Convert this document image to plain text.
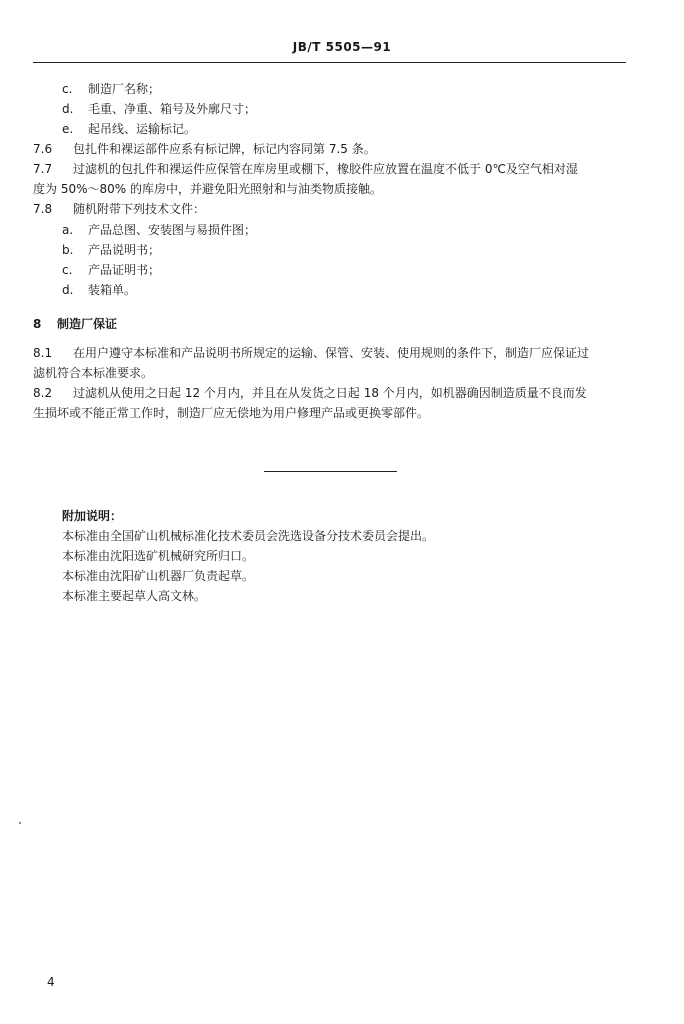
JB/T 5505—91
c. 制造厂名称；
d. 毛重、净重、箱号及外廓尺寸；
e. 起吊线、运输标记。
7.6 包扎件和裸运部件应系有标记牌，标记内容同第 7.5 条。
7.7 过滤机的包扎件和裸运件应保管在库房里或棚下，橡胶件应放置在温度不低于 0℃及空气相对湿
度为 50%～80% 的库房中，并避免阳光照射和与油类物质接触。
7.8 随机附带下列技术文件：
a. 产品总图、安装图与易损件图；
b. 产品说明书；
c. 产品证明书；
d. 装箱单。
8 制造厂保证
8.1 在用户遵守本标准和产品说明书所规定的运输、保管、安装、使用规则的条件下，制造厂应保证过
滤机符合本标准要求。
8.2 过滤机从使用之日起 12 个月内，并且在从发货之日起 18 个月内，如机器确因制造质量不良而发
生损坏或不能正常工作时，制造厂应无偿地为用户修理产品或更换零部件。
附加说明：
本标准由全国矿山机械标准化技术委员会洗选设备分技术委员会提出。
本标准由沈阳选矿机械研究所归口。
本标准由沈阳矿山机器厂负责起草。
本标准主要起草人高文林。
4
